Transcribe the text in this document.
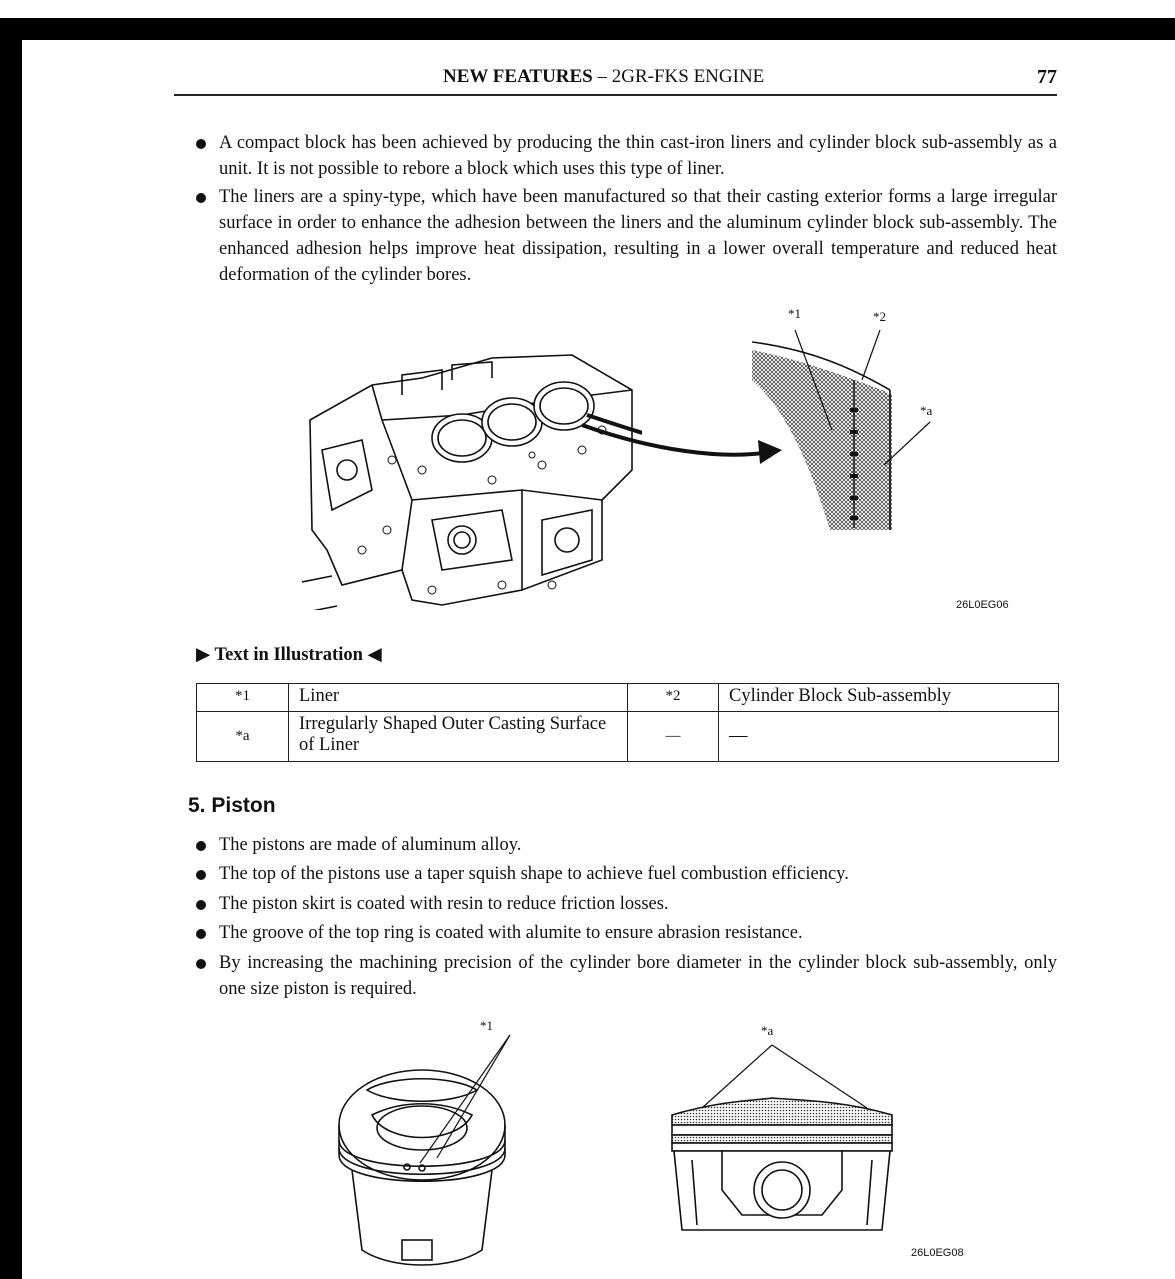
NEW FEATURES – 2GR-FKS ENGINE	77
A compact block has been achieved by producing the thin cast-iron liners and cylinder block sub-assembly as a unit. It is not possible to rebore a block which uses this type of liner.
The liners are a spiny-type, which have been manufactured so that their casting exterior forms a large irregular surface in order to enhance the adhesion between the liners and the aluminum cylinder block sub-assembly. The enhanced adhesion helps improve heat dissipation, resulting in a lower overall temperature and reduced heat deformation of the cylinder bores.
*1	*2
*a
26L0EG06
▶ Text in Illustration ◀
*1	Liner	*2	Cylinder Block Sub-assembly
*a	Irregularly Shaped Outer Casting Surface of Liner	—	—
5. Piston
The pistons are made of aluminum alloy.
The top of the pistons use a taper squish shape to achieve fuel combustion efficiency.
The piston skirt is coated with resin to reduce friction losses.
The groove of the top ring is coated with alumite to ensure abrasion resistance.
By increasing the machining precision of the cylinder bore diameter in the cylinder block sub-assembly, only one size piston is required.
*1	*a
26L0EG08
